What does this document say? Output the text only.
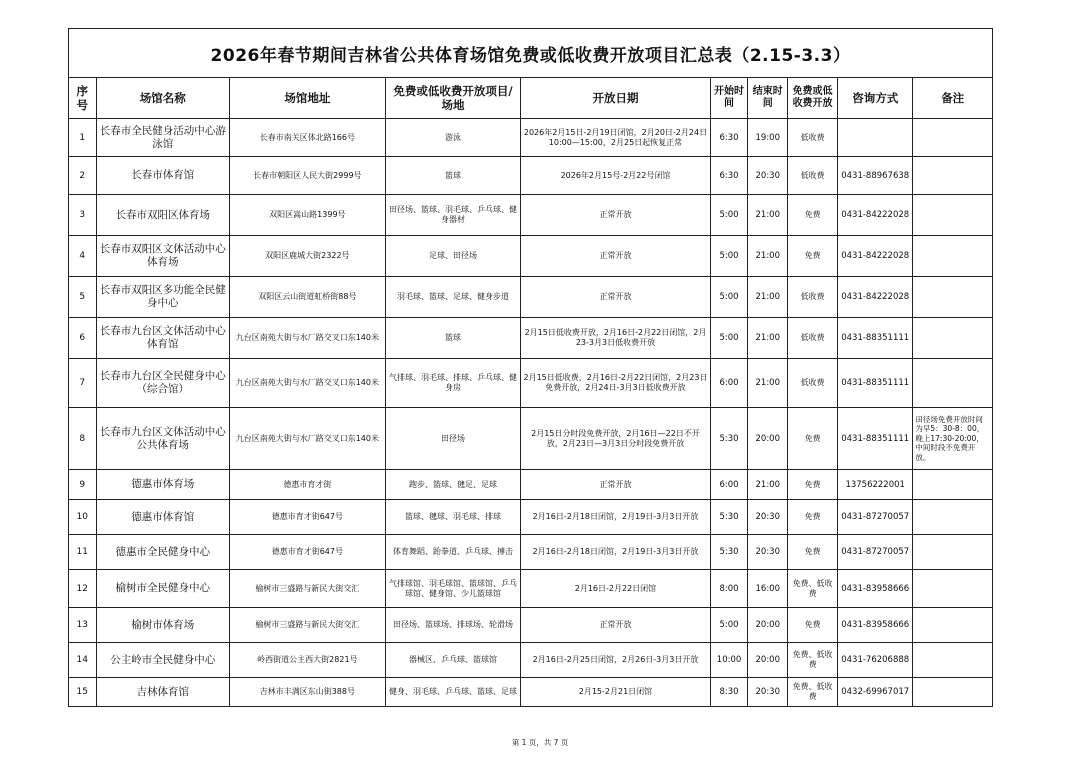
2026年春节期间吉林省公共体育场馆免费或低收费开放项目汇总表（2.15-3.3）									
序号	场馆名称	场馆地址	免费或低收费开放项目/场地	开放日期	开始时间	结束时间	免费或低收费开放	咨询方式	备注
1	长春市全民健身活动中心游泳馆	长春市南关区体北路166号	游泳	2026年2月15日-2月19日闭馆，2月20日-2月24日10:00—15:00，2月25日起恢复正常	6:30	19:00	低收费		
2	长春市体育馆	长春市朝阳区人民大街2999号	篮球	2026年2月15号-2月22号闭馆	6:30	20:30	低收费	0431-88967638	
3	长春市双阳区体育场	双阳区嵩山路1399号	田径场、篮球、羽毛球、乒乓球、健身器材	正常开放	5:00	21:00	免费	0431-84222028	
4	长春市双阳区文体活动中心体育场	双阳区鹿城大街2322号	足球、田径场	正常开放	5:00	21:00	免费	0431-84222028	
5	长春市双阳区多功能全民健身中心	双阳区云山街道虹桥街88号	羽毛球、篮球、足球、健身步道	正常开放	5:00	21:00	低收费	0431-84222028	
6	长春市九台区文体活动中心体育馆	九台区南苑大街与水厂路交叉口东140米	篮球	2月15日低收费开放，2月16日-2月22日闭馆，2月23-3月3日低收费开放	5:00	21:00	低收费	0431-88351111	
7	长春市九台区全民健身中心（综合馆）	九台区南苑大街与水厂路交叉口东140米	气排球、羽毛球、排球、乒乓球、健身房	2月15日低收费，2月16日-2月22日闭馆，2月23日免费开放，2月24日-3月3日低收费开放	6:00	21:00	低收费	0431-88351111	
8	长春市九台区文体活动中心公共体育场	九台区南苑大街与水厂路交叉口东140米	田径场	2月15日分时段免费开放，2月16日—22日不开放，2月23日—3月3日分时段免费开放	5:30	20:00	免费	0431-88351111	田径场免费开放时间为早5：30-8：00，晚上17:30-20:00，中间时段不免费开放。
9	德惠市体育场	德惠市育才街	跑步、篮球、毽足、足球	正常开放	6:00	21:00	免费	13756222001	
10	德惠市体育馆	德惠市育才街647号	篮球、毽球、羽毛球、排球	2月16日-2月18日闭馆，2月19日-3月3日开放	5:30	20:30	免费	0431-87270057	
11	德惠市全民健身中心	德惠市育才街647号	体育舞蹈、跆拳道、乒乓球、搏击	2月16日-2月18日闭馆，2月19日-3月3日开放	5:30	20:30	免费	0431-87270057	
12	榆树市全民健身中心	榆树市三盛路与新民大街交汇	气排球馆、羽毛球馆、篮球馆、乒乓球馆、健身馆、少儿篮球馆	2月16日-2月22日闭馆	8:00	16:00	免费、低收费	0431-83958666	
13	榆树市体育场	榆树市三盛路与新民大街交汇	田径场、篮球场、排球场、轮滑场	正常开放	5:00	20:00	免费	0431-83958666	
14	公主岭市全民健身中心	岭西街道公主西大街2821号	器械区、乒乓球、篮球馆	2月16日-2月25日闭馆，2月26日-3月3日开放	10:00	20:00	免费、低收费	0431-76206888	
15	吉林体育馆	吉林市丰满区东山街388号	健身、羽毛球、乒乓球、篮球、足球	2月15-2月21日闭馆	8:30	20:30	免费、低收费	0432-69967017	
第 1 页，共 7 页
